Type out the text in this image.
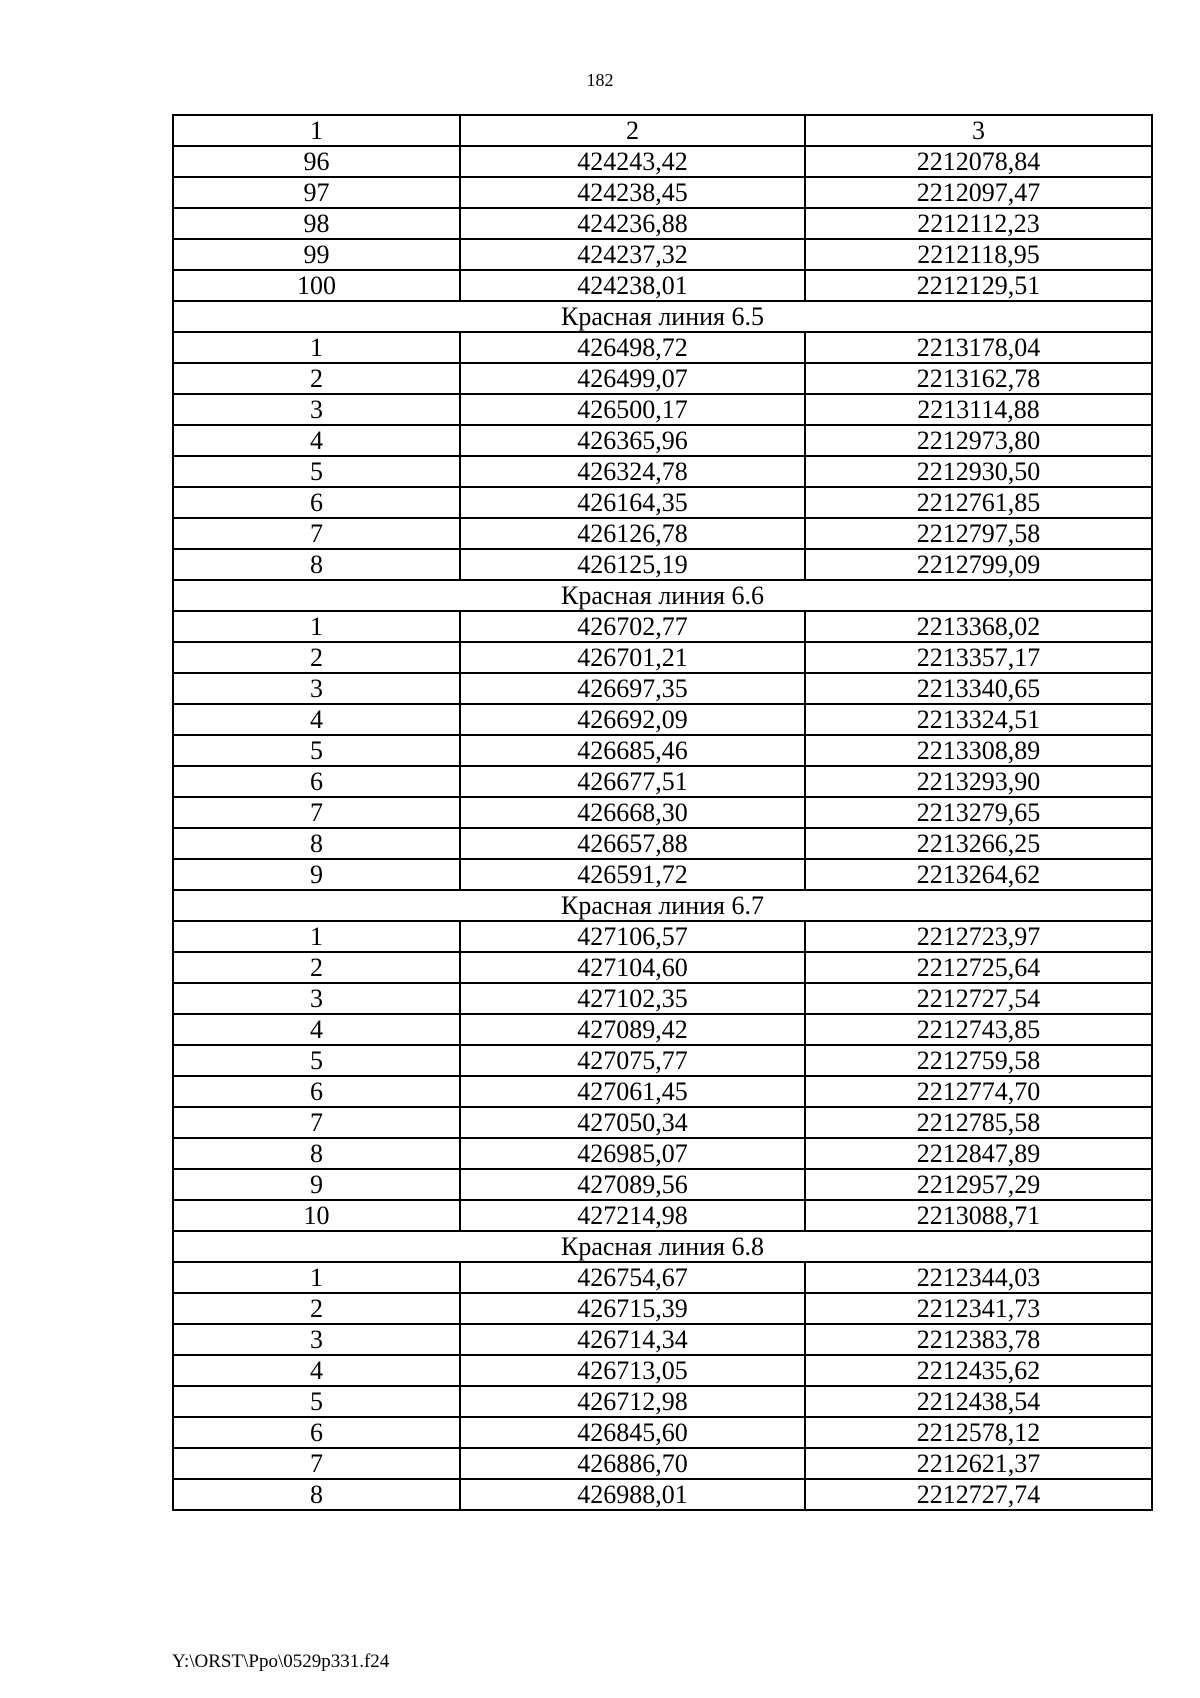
182
1	2	3
96	424243,42	2212078,84
97	424238,45	2212097,47
98	424236,88	2212112,23
99	424237,32	2212118,95
100	424238,01	2212129,51
Красная линия 6.5		
1	426498,72	2213178,04
2	426499,07	2213162,78
3	426500,17	2213114,88
4	426365,96	2212973,80
5	426324,78	2212930,50
6	426164,35	2212761,85
7	426126,78	2212797,58
8	426125,19	2212799,09
Красная линия 6.6		
1	426702,77	2213368,02
2	426701,21	2213357,17
3	426697,35	2213340,65
4	426692,09	2213324,51
5	426685,46	2213308,89
6	426677,51	2213293,90
7	426668,30	2213279,65
8	426657,88	2213266,25
9	426591,72	2213264,62
Красная линия 6.7		
1	427106,57	2212723,97
2	427104,60	2212725,64
3	427102,35	2212727,54
4	427089,42	2212743,85
5	427075,77	2212759,58
6	427061,45	2212774,70
7	427050,34	2212785,58
8	426985,07	2212847,89
9	427089,56	2212957,29
10	427214,98	2213088,71
Красная линия 6.8		
1	426754,67	2212344,03
2	426715,39	2212341,73
3	426714,34	2212383,78
4	426713,05	2212435,62
5	426712,98	2212438,54
6	426845,60	2212578,12
7	426886,70	2212621,37
8	426988,01	2212727,74
Y:\ORST\Ppo\0529p331.f24
